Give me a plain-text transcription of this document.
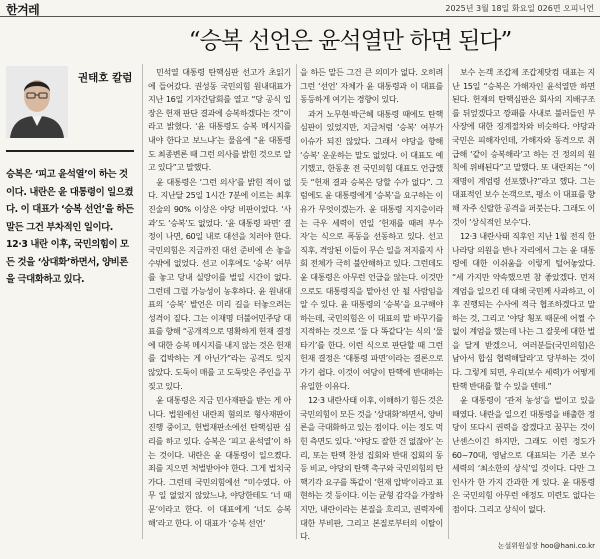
한겨레	2025년 3월 18일 화요일 026면 오피니언
“승복 선언은 윤석열만 하면 된다”
권태호 칼럼
승복은 ‘피고 윤석열’이 하는 것이다. 내란은 윤 대통령이 일으켰다. 이 대표가 ‘승복 선언’을 하든 말든 그건 부차적인 일이다. 12·3 내란 이후, 국민의힘이 모든 것을 ‘상대화’하면서, 양비론을 극대화하고 있다.

민석열 대통령 탄핵심판 선고가 초읽기에 들어갔다. 권성동 국민의힘 원내대표가 지난 16일 기자간담회를 열고 “당 공식 입장은 헌재 판단 결과에 승복하겠다는 것”이라고 밝혔다. ‘윤 대통령도 승복 메시지를 내야 한다고 보느냐’는 물음에 “윤 대통령도 최종변론 때 그런 의사를 밝힌 것으로 알고 있다”고 말했다.

윤 대통령은 ‘그런 의사’를 밝힌 적이 없다. 지난달 25일 1시간 7분에 이르는 최후진술의 90% 이상은 야당 비판이었다. ‘사과’도 ‘승복’도 없었다. ‘윤 대통령 파면’ 결정이 나면, 60일 내로 대선을 치러야 한다. 국민의힘은 지금까진 대선 준비에 손 놓을 수밖에 없었다. 선고 이후에도 ‘승복’ 여부를 놓고 당내 실랑이를 벌일 시간이 없다. 그런데 그럴 가능성이 농후하다. 윤 원내대표의 ‘승복’ 발언은 미리 길을 터놓으려는 성격이 짙다. 그는 이재명 더불어민주당 대표를 향해 “공개적으로 명확하게 헌재 결정에 대한 승복 메시지를 내지 않는 것은 헌재를 겁박하는 게 아닌가”라는 공격도 잊지 않았다. 도둑이 매를 고 도둑맞은 주인을 꾸짖고 있다.

윤 대통령은 지금 민사재판을 받는 게 아니다. 법원에선 내란죄 혐의로 형사재판이 진행 중이고, 헌법재판소에선 탄핵심판 심리를 하고 있다. 승복은 ‘피고 윤석열’이 하는 것이다. 내란은 윤 대통령이 일으켰다. 죄를 지으면 처벌받아야 한다. 그게 법치국가다. 그런데 국민의힘에선 “미수였다. 아무 일 없었지 않았느냐, 야당한테도 ‘너 때문’이라고 한다. 이 대표에게 ‘너도 승복해’라고 한다. 이 대표가 ‘승복 선언’

을 하든 말든 그건 큰 의미가 없다. 오히려 그런 ‘선언’ 자체가 윤 대통령과 이 대표를 동등하게 여기는 경향이 있다.

과거 노무현·박근혜 대통령 때에도 탄핵심판이 있었지만, 지금처럼 ‘승복’ 여부가 이슈가 되진 않았다. 그래서 야당을 향해 ‘승복’ 운운하는 말도 없었다. 이 대표도 예기했고, 한동훈 전 국민의힘 대표도 언급했듯 “헌재 결과 승복은 당할 수가 없다”. 그럼에도 윤 대통령에게 ‘승복’을 요구하는 이유가 무엇이겠는가. 윤 대통령 지지층이라는 극우 세력이 연일 ‘헌재를 때려 부수자’는 식으로 폭동을 선동하고 있다. 선고 직후, 격앙된 이들이 무슨 일을 저지를지 사회 전체가 극히 불안해하고 있다. 그런데도 윤 대통령은 아무런 언급을 않는다. 이것만으로도 대통령직을 맡아선 안 될 사람임을 알 수 있다. 윤 대통령의 ‘승복’을 요구해야 하는데, 국민의힘은 이 대표의 말 바꾸기를 지적하는 것으로 ‘둘 다 똑같다’는 식의 ‘물타기’를 한다. 이런 식으로 판단할 때 그런 헌재 결정은 ‘대통령 파면’이라는 결론으로 가기 쉽다. 이것이 여당이 탄핵에 반대하는 유일한 이유다.

12·3 내란사태 이후, 이해하기 힘든 것은 국민의힘이 모든 것을 ‘상대화’하면서, 양비론을 극대화하고 있는 점이다. 이는 정도 먹힌 측면도 있다. ‘야당도 잘한 건 없잖아’ 논리, 또는 탄핵 찬성 집회와 반대 집회의 동등 비교, 야당의 탄핵 촉구와 국민의힘의 탄핵기각 요구를 똑같이 ‘헌재 압박’이라고 표현하는 것 등이다. 이는 균형 감각을 가장하지만, 내란이라는 본질을 흐리고, 권력자에 대한 부비판, 그리고 본질로부터의 이탈이다.

보수 논객 조갑제 조갑제닷컴 대표는 지난 15일 “승복은 가해자인 윤석열만 하면 된다. 헌재의 탄핵심판은 회사의 지배구조를 뒤엎겠다고 깡패를 사내로 불러들인 부사장에 대한 징계절차와 비슷하다. 야당과 국민은 피해자인데, 가해자와 동격으로 취급해 ‘같이 승복해라’고 하는 건 정의의 원칙에 위배된다”고 말했다. 또 내란죄는 “이재명이 계엄령 선포했나?”라고 했다. 그는 대표적인 보수 논객으로, 평소 이 대표를 향해 자주 신랄한 공격을 퍼붓는다. 그래도 이것이 ‘상식적인 보수’다.

12·3 내란사태 직후인 지난 1월 전직 한나라당 의원을 반나 자리에서 그는 윤 대통령에 대한 이쉬움을 이렇게 털어놓았다. “세 가지만 약속했으면 참 좋았겠다. 먼저 계엄을 일으킨 데 대해 국민께 사과하고, 이후 진행되는 수사에 적극 협조하겠다고 말하는 것, 그리고 ‘야당 횡포 때문에 어쩔 수 없이 계엄을 했는데 나는 그 잘못에 대한 벌을 달게 받겠으니, 여러분들(국민의힘)은 남아서 합심 협력해달라’고 당부하는 것이다. 그렇게 되면, 우리(보수 세력)가 어떻게 탄핵 반대를 할 수 있을 텐데.”

윤 대통령이 ‘관저 농성’을 벌이고 있을 때였다. 내란을 일으킨 대통령을 배출한 정당이 또다시 권력을 잡겠다고 꿈꾸는 것이 난센스이긴 하지만, 그래도 이런 정도가 60~70대, 영남으로 대표되는 기존 보수 세력의 ‘최소한의 상식’일 것이다. 다만 그 인사가 한 가지 간과한 게 있다. 윤 대통령은 국민의힘 아무런 애정도 미련도 없다는 점이다. 그리고 상식이 없다.

논설위원실장 hoo@hani.co.kr
